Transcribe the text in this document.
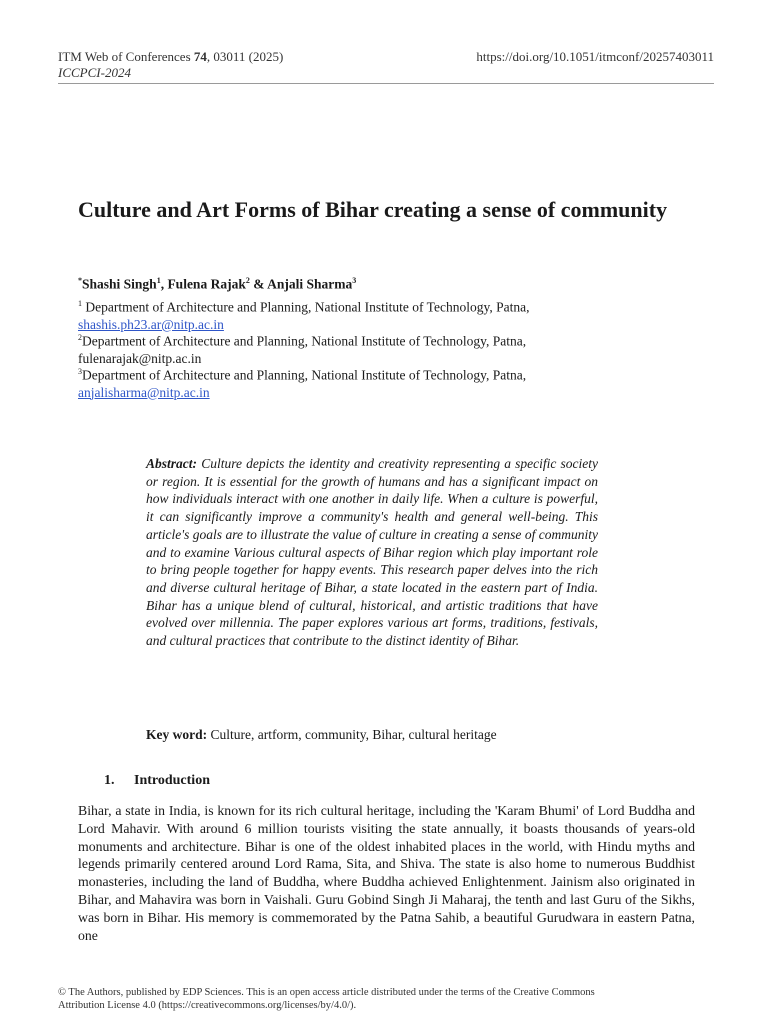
ITM Web of Conferences 74, 03011 (2025)
ICCPCI-2024
https://doi.org/10.1051/itmconf/20257403011
Culture and Art Forms of Bihar creating a sense of community
*Shashi Singh$^1$, Fulena Rajak$^2$ & Anjali Sharma$^3$
$^1$ Department of Architecture and Planning, National Institute of Technology, Patna,
shashis.ph23.ar@nitp.ac.in
$^2$Department of Architecture and Planning, National Institute of Technology, Patna,
fulenarajak@nitp.ac.in
$^3$Department of Architecture and Planning, National Institute of Technology, Patna,
anjalisharma@nitp.ac.in
Abstract: Culture depicts the identity and creativity representing a specific society or region. It is essential for the growth of humans and has a significant impact on how individuals interact with one another in daily life. When a culture is powerful, it can significantly improve a community's health and general well-being. This article's goals are to illustrate the value of culture in creating a sense of community and to examine Various cultural aspects of Bihar region which play important role to bring people together for happy events. This research paper delves into the rich and diverse cultural heritage of Bihar, a state located in the eastern part of India. Bihar has a unique blend of cultural, historical, and artistic traditions that have evolved over millennia. The paper explores various art forms, traditions, festivals, and cultural practices that contribute to the distinct identity of Bihar.
Key word: Culture, artform, community, Bihar, cultural heritage
1. Introduction
Bihar, a state in India, is known for its rich cultural heritage, including the 'Karam Bhumi' of Lord Buddha and Lord Mahavir. With around 6 million tourists visiting the state annually, it boasts thousands of years-old monuments and architecture. Bihar is one of the oldest inhabited places in the world, with Hindu myths and legends primarily centered around Lord Rama, Sita, and Shiva. The state is also home to numerous Buddhist monasteries, including the land of Buddha, where Buddha achieved Enlightenment. Jainism also originated in Bihar, and Mahavira was born in Vaishali. Guru Gobind Singh Ji Maharaj, the tenth and last Guru of the Sikhs, was born in Bihar. His memory is commemorated by the Patna Sahib, a beautiful Gurudwara in eastern Patna, one
© The Authors, published by EDP Sciences. This is an open access article distributed under the terms of the Creative Commons
Attribution License 4.0 (https://creativecommons.org/licenses/by/4.0/).
